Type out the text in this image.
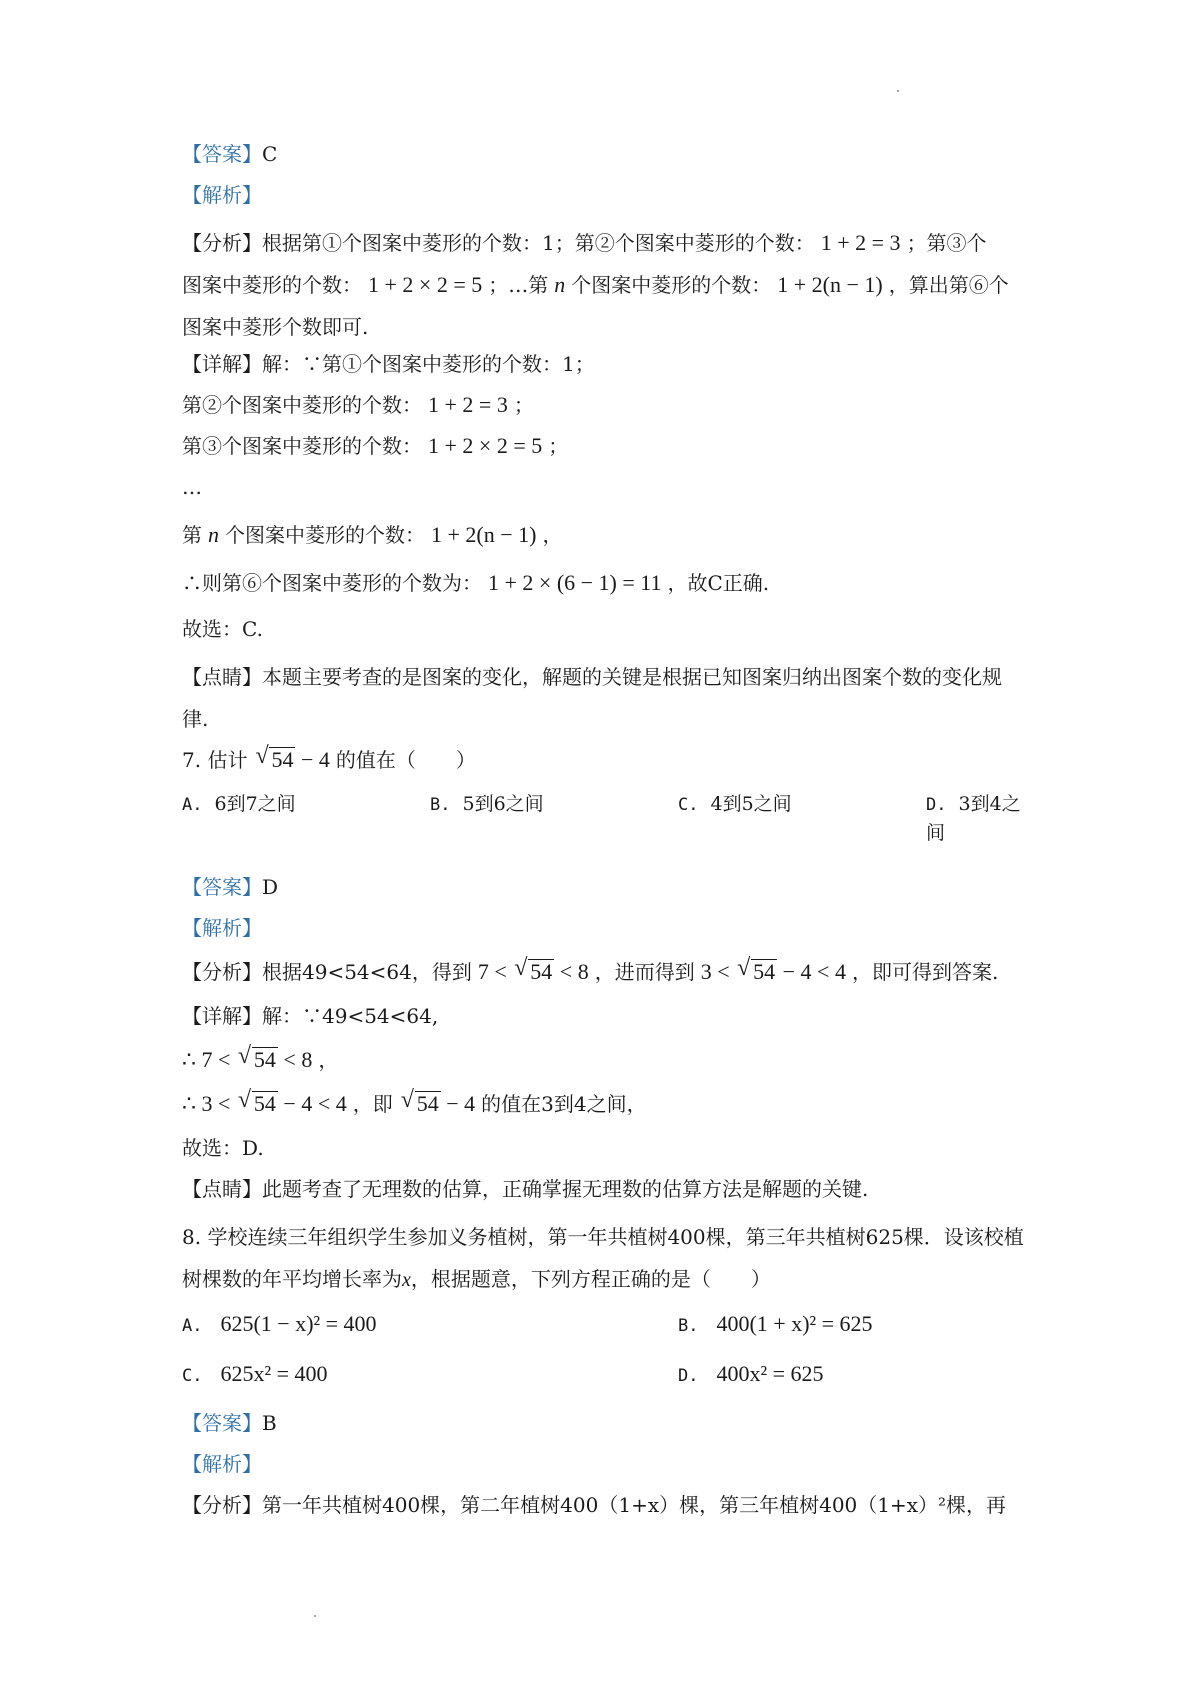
【答案】C
【解析】
【分析】根据第①个图案中菱形的个数：1；第②个图案中菱形的个数： 1 + 2 = 3 ；第③个
图案中菱形的个数： 1 + 2 × 2 = 5 ；…第 n 个图案中菱形的个数： 1 + 2(n − 1) ，算出第⑥个
图案中菱形个数即可.
【详解】解：∵第①个图案中菱形的个数：1；
第②个图案中菱形的个数： 1 + 2 = 3 ；
第③个图案中菱形的个数： 1 + 2 × 2 = 5 ；
…
第 n 个图案中菱形的个数： 1 + 2(n − 1) ，
∴则第⑥个图案中菱形的个数为： 1 + 2 × (6 − 1) = 11 ，故C正确.
故选：C.
【点睛】本题主要考查的是图案的变化，解题的关键是根据已知图案归纳出图案个数的变化规律.
7. 估计 √ 54 − 4 的值在（　　）
A. 6到7之间	B. 5到6之间	C. 4到5之间	D. 3到4之间
【答案】D
【解析】
【分析】根据49<54<64，得到 7 < √ 54 < 8 ，进而得到 3 < √ 54 − 4 < 4 ，即可得到答案.
【详解】解：∵49<54<64,
∴ 7 < √ 54 < 8 ，
∴ 3 < √ 54 − 4 < 4 ，即 √ 54 − 4 的值在3到4之间，
故选：D.
【点睛】此题考查了无理数的估算，正确掌握无理数的估算方法是解题的关键.
8. 学校连续三年组织学生参加义务植树，第一年共植树400棵，第三年共植树625棵．设该校植树棵数的年平均增长率为x，根据题意，下列方程正确的是（　　）
A. 625(1 − x)² = 400	B. 400(1 + x)² = 625
C. 625x² = 400	D. 400x² = 625
【答案】B
【解析】
【分析】第一年共植树400棵，第二年植树400（1+x）棵，第三年植树400（1+x）²棵，再
